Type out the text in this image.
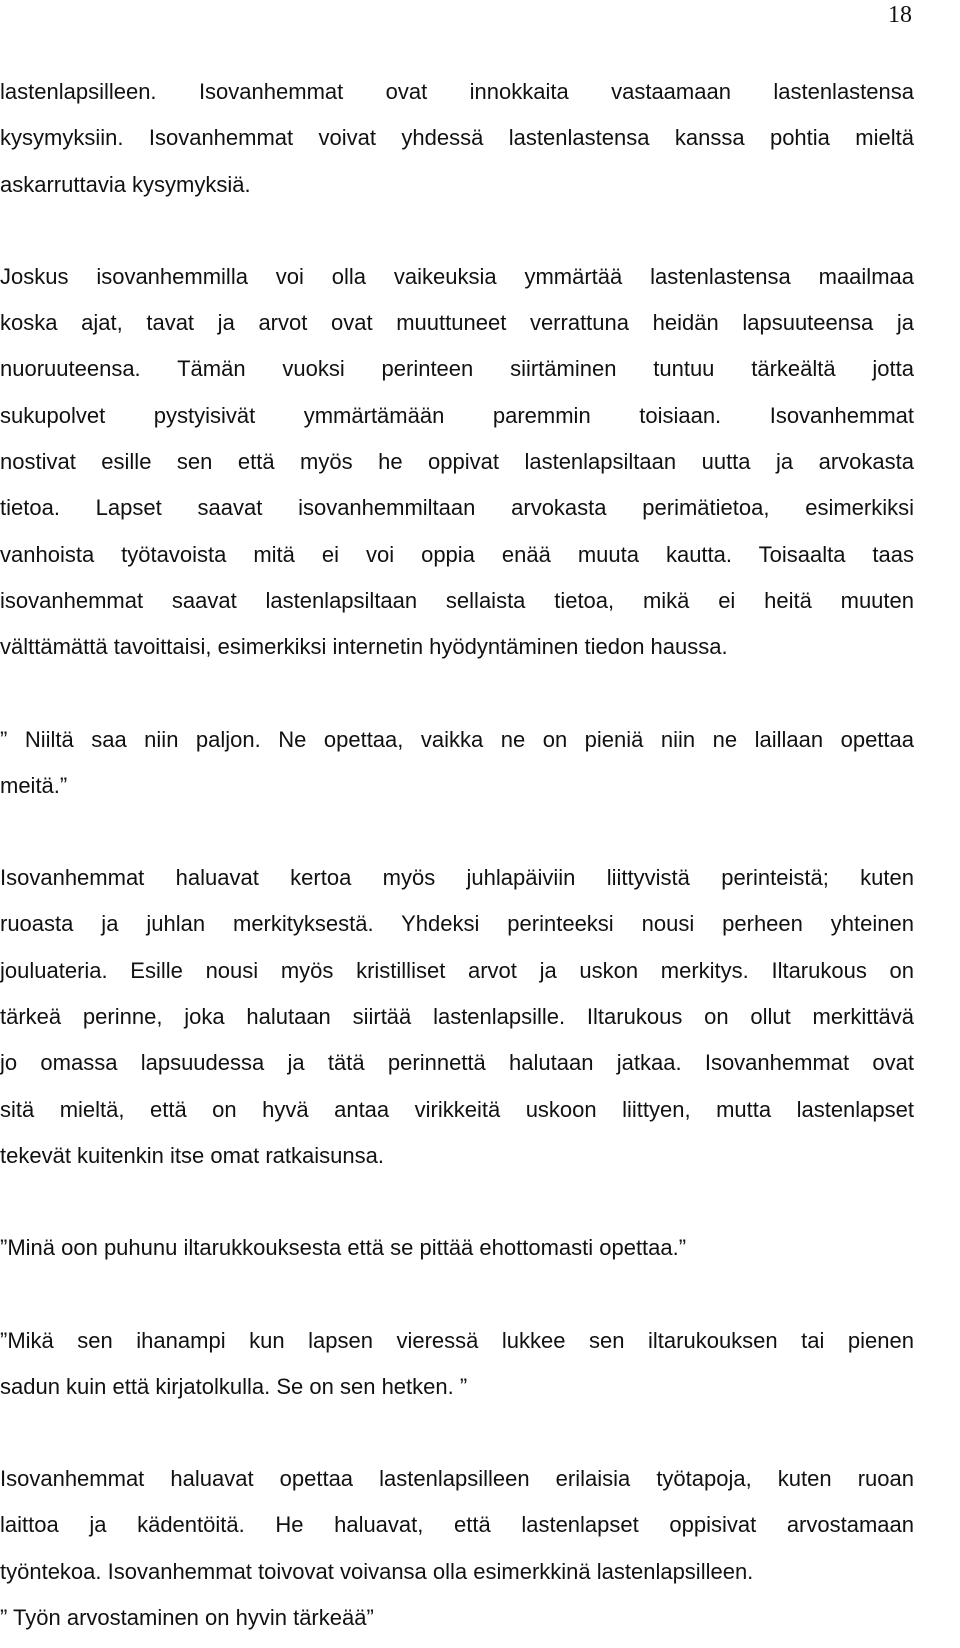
18
lastenlapsilleen. Isovanhemmat ovat innokkaita vastaamaan lastenlastensa
kysymyksiin. Isovanhemmat voivat yhdessä lastenlastensa kanssa pohtia mieltä
askarruttavia kysymyksiä.
Joskus isovanhemmilla voi olla vaikeuksia ymmärtää lastenlastensa maailmaa
koska ajat, tavat ja arvot ovat muuttuneet verrattuna heidän lapsuuteensa ja
nuoruuteensa. Tämän vuoksi perinteen siirtäminen tuntuu tärkeältä jotta
sukupolvet pystyisivät ymmärtämään paremmin toisiaan. Isovanhemmat
nostivat esille sen että myös he oppivat lastenlapsiltaan uutta ja arvokasta
tietoa. Lapset saavat isovanhemmiltaan arvokasta perimätietoa, esimerkiksi
vanhoista työtavoista mitä ei voi oppia enää muuta kautta. Toisaalta taas
isovanhemmat saavat lastenlapsiltaan sellaista tietoa, mikä ei heitä muuten
välttämättä tavoittaisi, esimerkiksi internetin hyödyntäminen tiedon haussa.
” Niiltä saa niin paljon. Ne opettaa, vaikka ne on pieniä niin ne laillaan opettaa
meitä.”
Isovanhemmat haluavat kertoa myös juhlapäiviin liittyvistä perinteistä; kuten
ruoasta ja juhlan merkityksestä. Yhdeksi perinteeksi nousi perheen yhteinen
jouluateria. Esille nousi myös kristilliset arvot ja uskon merkitys. Iltarukous on
tärkeä perinne, joka halutaan siirtää lastenlapsille. Iltarukous on ollut merkittävä
jo omassa lapsuudessa ja tätä perinnettä halutaan jatkaa. Isovanhemmat ovat
sitä mieltä, että on hyvä antaa virikkeitä uskoon liittyen, mutta lastenlapset
tekevät kuitenkin itse omat ratkaisunsa.
”Minä oon puhunu iltarukkouksesta että se pittää ehottomasti opettaa.”
”Mikä sen ihanampi kun lapsen vieressä lukkee sen iltarukouksen tai pienen
sadun kuin että kirjatolkulla. Se on sen hetken. ”
Isovanhemmat haluavat opettaa lastenlapsilleen erilaisia työtapoja, kuten ruoan
laittoa ja kädentöitä. He haluavat, että lastenlapset oppisivat arvostamaan
työntekoa. Isovanhemmat toivovat voivansa olla esimerkkinä lastenlapsilleen.
” Työn arvostaminen on hyvin tärkeää”
